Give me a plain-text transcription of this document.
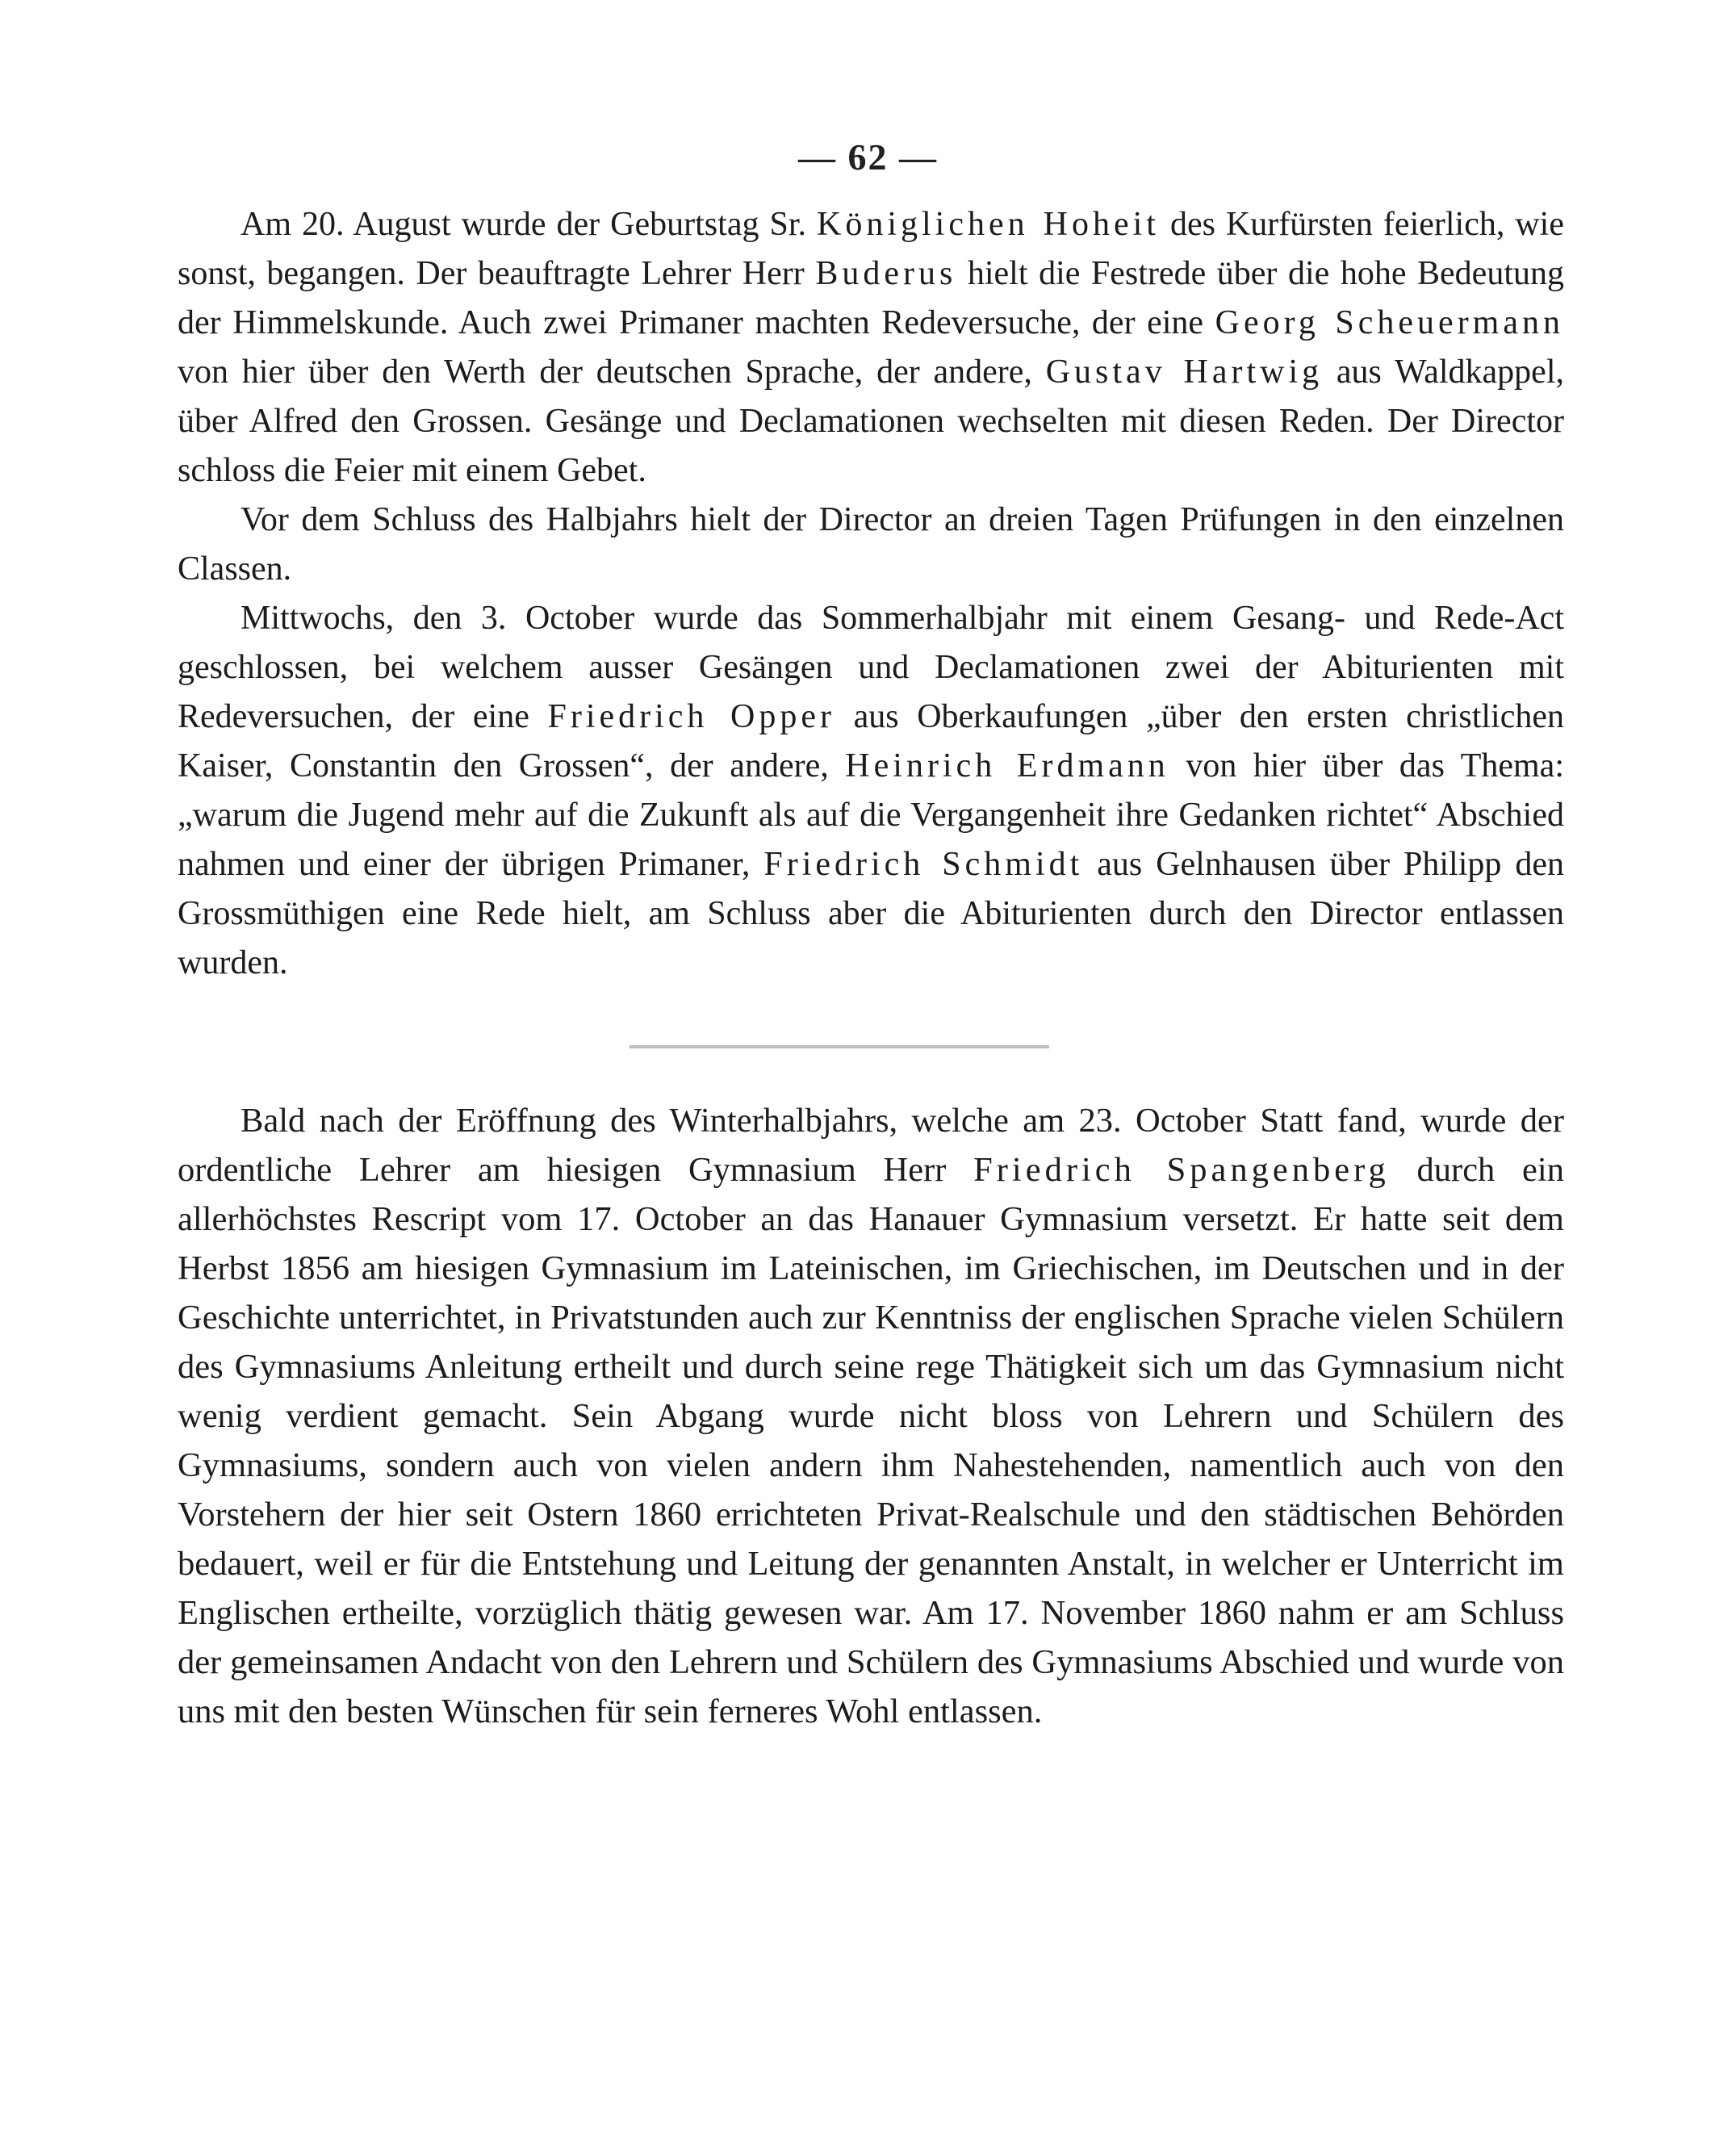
— 62 —

Am 20. August wurde der Geburtstag Sr. Königlichen Hoheit des Kurfürsten feierlich, wie sonst, begangen. Der beauftragte Lehrer Herr Buderus hielt die Festrede über die hohe Bedeutung der Himmelskunde. Auch zwei Primaner machten Redeversuche, der eine Georg Scheuermann von hier über den Werth der deutschen Sprache, der andere, Gustav Hartwig aus Waldkappel, über Alfred den Grossen. Gesänge und Declamationen wechselten mit diesen Reden. Der Director schloss die Feier mit einem Gebet.

Vor dem Schluss des Halbjahrs hielt der Director an dreien Tagen Prüfungen in den einzelnen Classen.

Mittwochs, den 3. October wurde das Sommerhalbjahr mit einem Gesang- und Rede-Act geschlossen, bei welchem ausser Gesängen und Declamationen zwei der Abiturienten mit Redeversuchen, der eine Friedrich Opper aus Oberkaufungen „über den ersten christlichen Kaiser, Constantin den Grossen“, der andere, Heinrich Erdmann von hier über das Thema: „warum die Jugend mehr auf die Zukunft als auf die Vergangenheit ihre Gedanken richtet“ Abschied nahmen und einer der übrigen Primaner, Friedrich Schmidt aus Gelnhausen über Philipp den Grossmüthigen eine Rede hielt, am Schluss aber die Abiturienten durch den Director entlassen wurden.

Bald nach der Eröffnung des Winterhalbjahrs, welche am 23. October Statt fand, wurde der ordentliche Lehrer am hiesigen Gymnasium Herr Friedrich Spangenberg durch ein allerhöchstes Rescript vom 17. October an das Hanauer Gymnasium versetzt. Er hatte seit dem Herbst 1856 am hiesigen Gymnasium im Lateinischen, im Griechischen, im Deutschen und in der Geschichte unterrichtet, in Privatstunden auch zur Kenntniss der englischen Sprache vielen Schülern des Gymnasiums Anleitung ertheilt und durch seine rege Thätigkeit sich um das Gymnasium nicht wenig verdient gemacht. Sein Abgang wurde nicht bloss von Lehrern und Schülern des Gymnasiums, sondern auch von vielen andern ihm Nahestehenden, namentlich auch von den Vorstehern der hier seit Ostern 1860 errichteten Privat-Realschule und den städtischen Behörden bedauert, weil er für die Entstehung und Leitung der genannten Anstalt, in welcher er Unterricht im Englischen ertheilte, vorzüglich thätig gewesen war. Am 17. November 1860 nahm er am Schluss der gemeinsamen Andacht von den Lehrern und Schülern des Gymnasiums Abschied und wurde von uns mit den besten Wünschen für sein ferneres Wohl entlassen.
